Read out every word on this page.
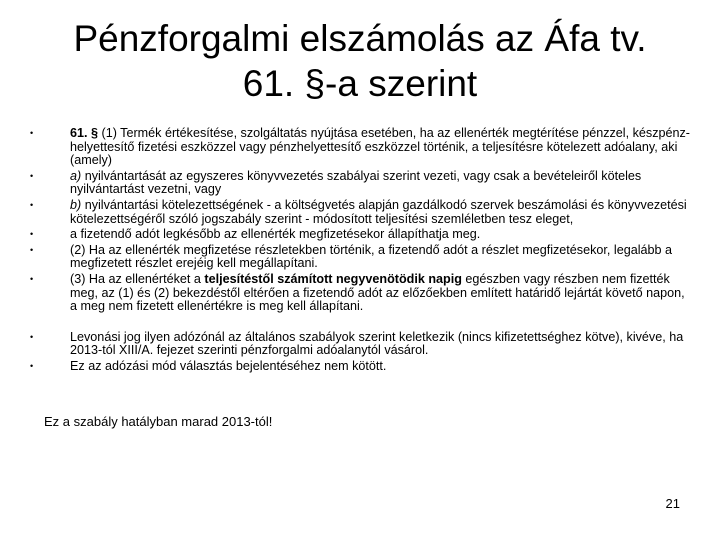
Pénzforgalmi elszámolás az Áfa tv.
61. §-a szerint
•	61. § (1) Termék értékesítése, szolgáltatás nyújtása esetében, ha az ellenérték megtérítése pénzzel, készpénz-helyettesítő fizetési eszközzel vagy pénzhelyettesítő eszközzel történik, a teljesítésre kötelezett adóalany, aki (amely)
•	a) nyilvántartását az egyszeres könyvvezetés szabályai szerint vezeti, vagy csak a bevételeiről köteles nyilvántartást vezetni, vagy
•	b) nyilvántartási kötelezettségének - a költségvetés alapján gazdálkodó szervek beszámolási és könyvvezetési kötelezettségéről szóló jogszabály szerint - módosított teljesítési szemléletben tesz eleget,
•	a fizetendő adót legkésőbb az ellenérték megfizetésekor állapíthatja meg.
•	(2) Ha az ellenérték megfizetése részletekben történik, a fizetendő adót a részlet megfizetésekor, legalább a megfizetett részlet erejéig kell megállapítani.
•	(3) Ha az ellenértéket a teljesítéstől számított negyvenötödik napig egészben vagy részben nem fizették meg, az (1) és (2) bekezdéstől eltérően a fizetendő adót az előzőekben említett határidő lejártát követő napon, a meg nem fizetett ellenértékre is meg kell állapítani.
•	Levonási jog ilyen adózónál az általános szabályok szerint keletkezik (nincs kifizetettséghez kötve), kivéve, ha 2013-tól XIII/A. fejezet szerinti pénzforgalmi adóalanytól vásárol.
•	Ez az adózási mód választás bejelentéséhez nem kötött.

Ez a szabály hatályban marad 2013-tól!

21
